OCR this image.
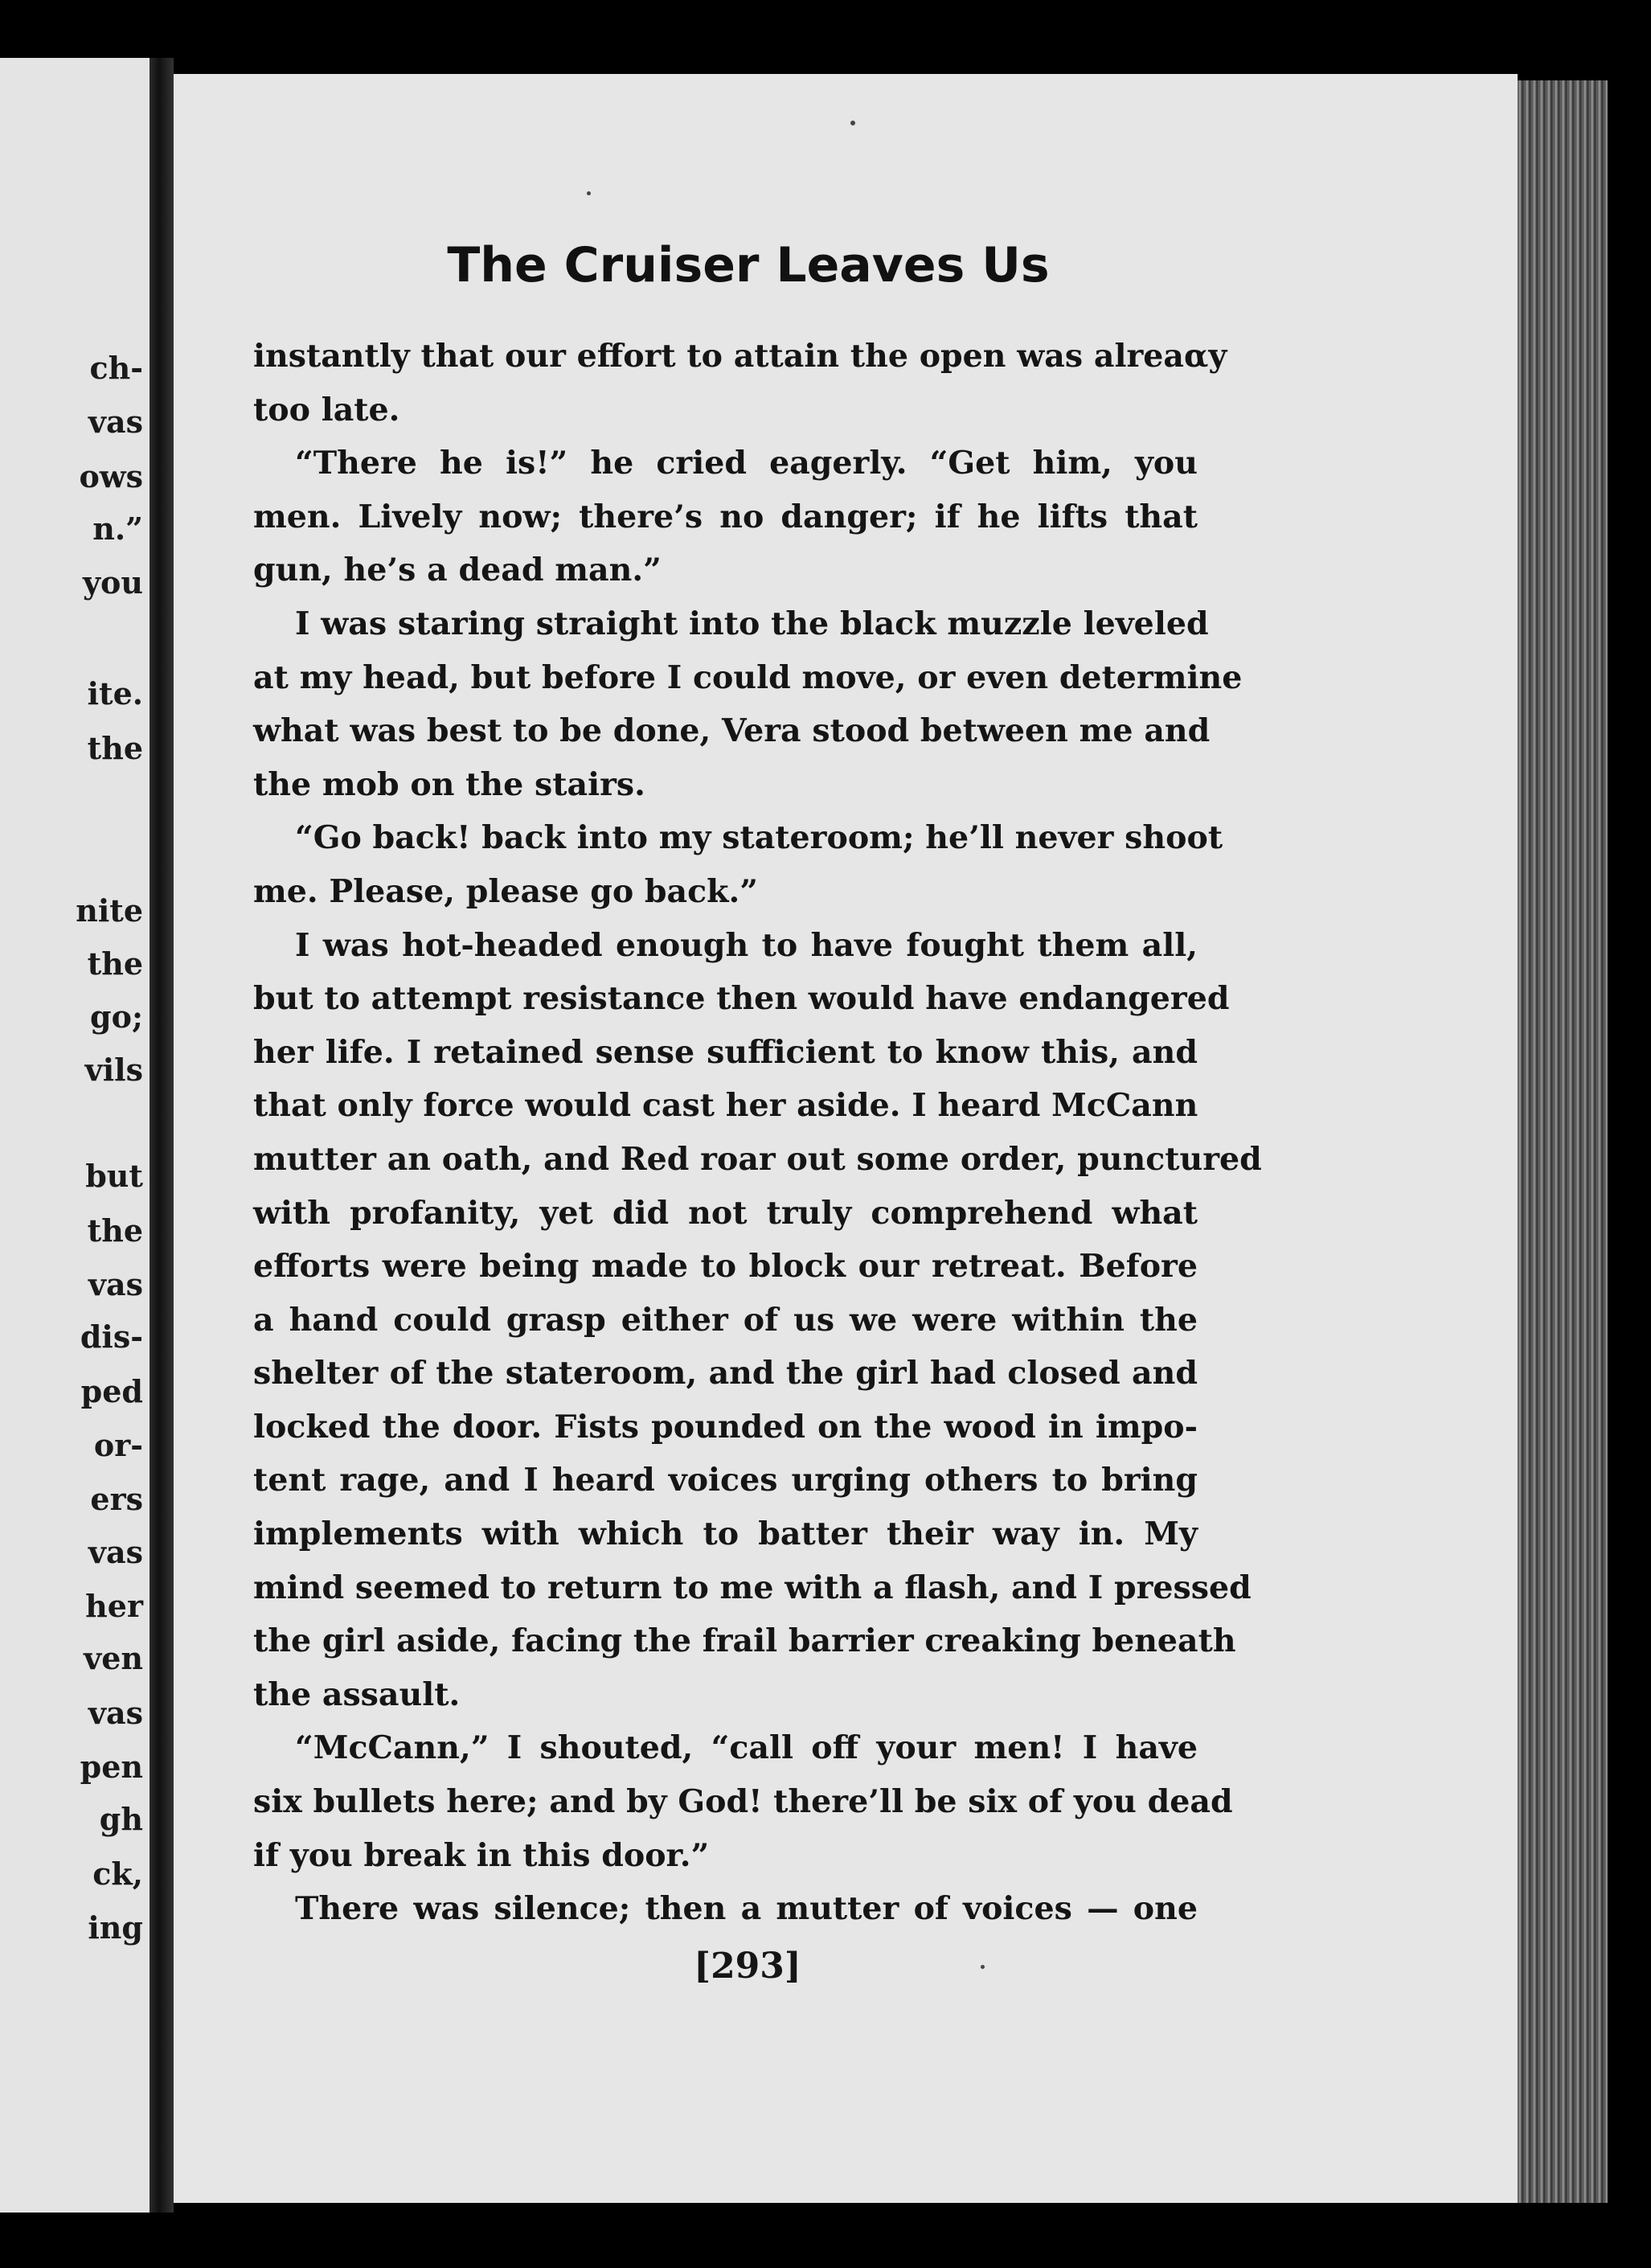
ch-
vas
ows
n.”
you
ite.
the
nite
the
go;
vils
but
the
vas
dis-
ped
or-
ers
vas
her
ven
vas
pen
gh
ck,
ing
The Cruiser Leaves Us
instantly that our effort to attain the open was alreaαy
too late.
“There he is!” he cried eagerly. “Get him, you
men. Lively now; there’s no danger; if he lifts that
gun, he’s a dead man.”
I was staring straight into the black muzzle leveled
at my head, but before I could move, or even determine
what was best to be done, Vera stood between me and
the mob on the stairs.
“Go back! back into my stateroom; he’ll never shoot
me. Please, please go back.”
I was hot-headed enough to have fought them all,
but to attempt resistance then would have endangered
her life. I retained sense sufficient to know this, and
that only force would cast her aside. I heard McCann
mutter an oath, and Red roar out some order, punctured
with profanity, yet did not truly comprehend what
efforts were being made to block our retreat. Before
a hand could grasp either of us we were within the
shelter of the stateroom, and the girl had closed and
locked the door. Fists pounded on the wood in impo-
tent rage, and I heard voices urging others to bring
implements with which to batter their way in. My
mind seemed to return to me with a flash, and I pressed
the girl aside, facing the frail barrier creaking beneath
the assault.
“McCann,” I shouted, “call off your men! I have
six bullets here; and by God! there’ll be six of you dead
if you break in this door.”
There was silence; then a mutter of voices — one
[293]
